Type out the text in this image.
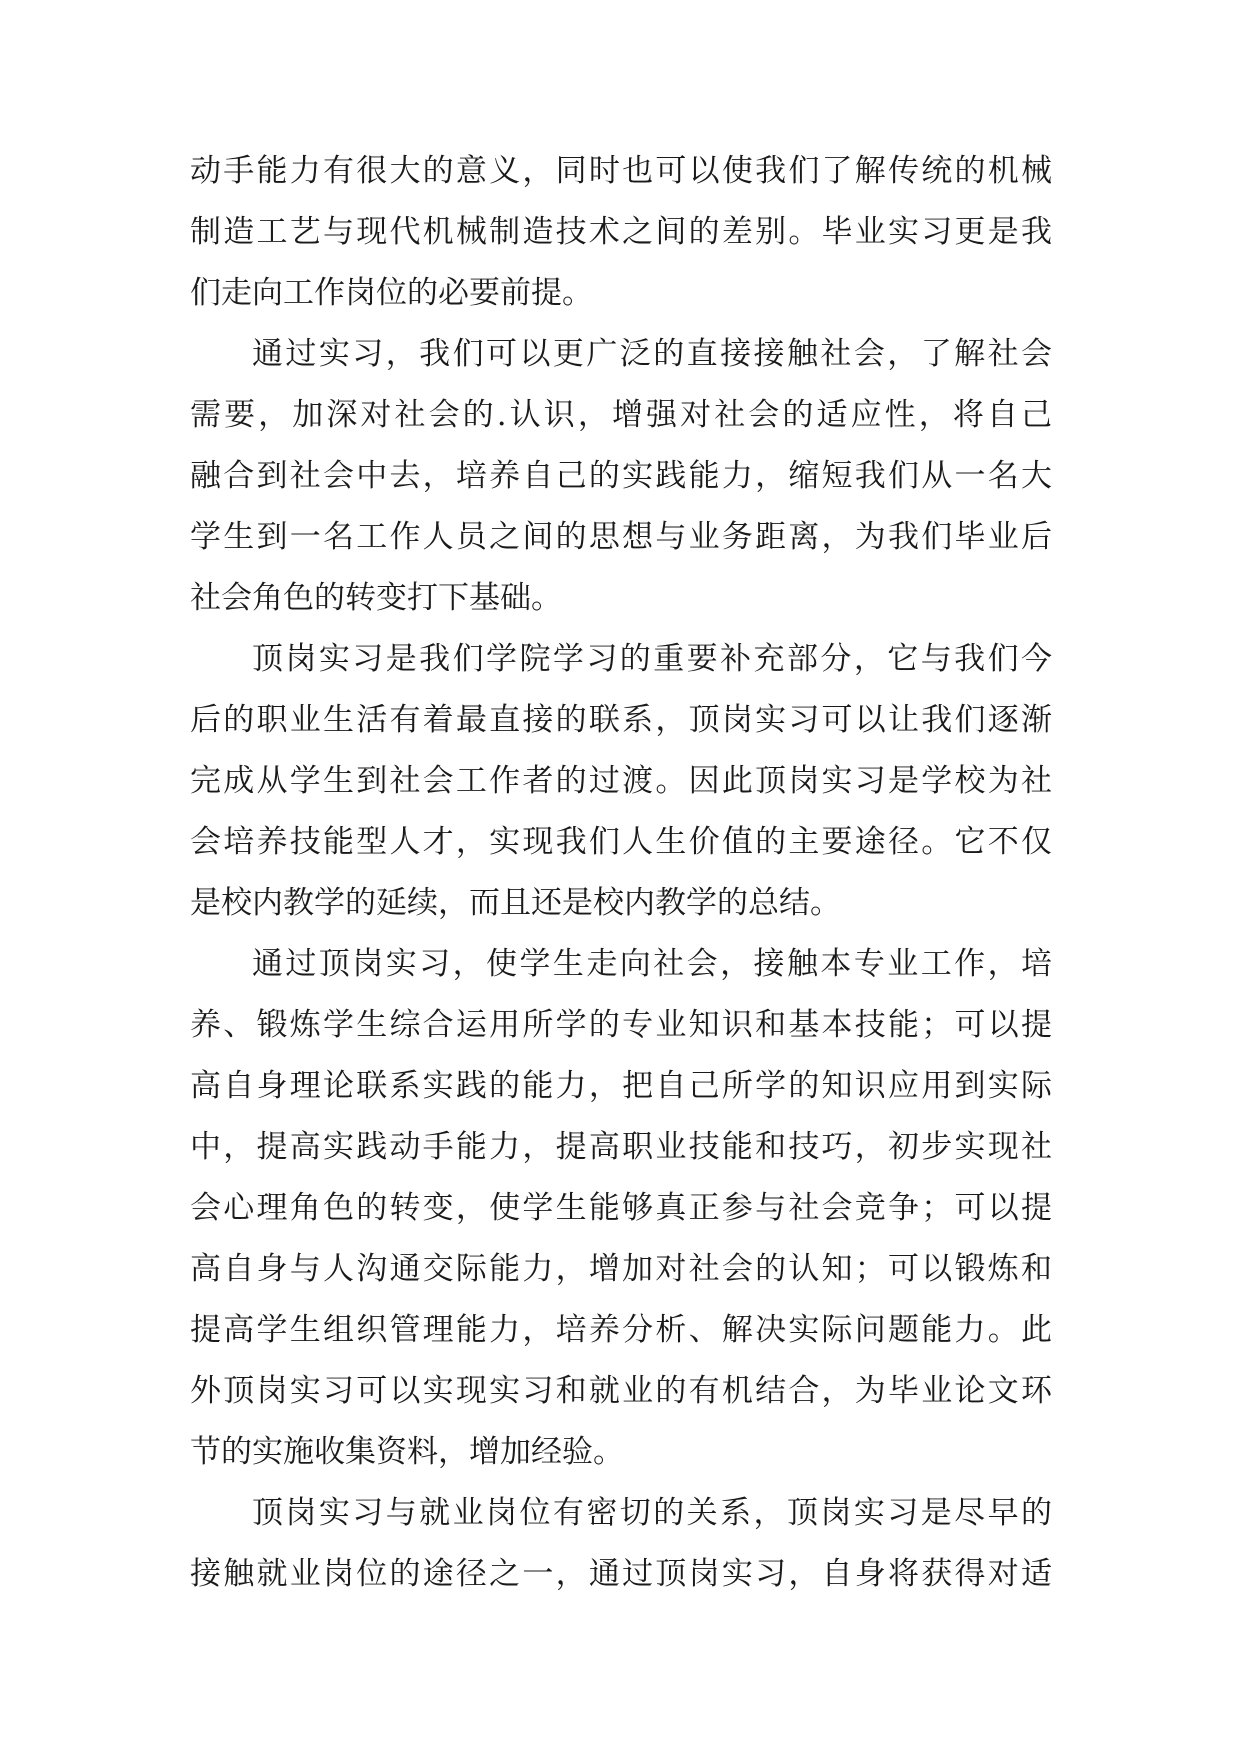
动手能力有很大的意义，同时也可以使我们了解传统的机械
制造工艺与现代机械制造技术之间的差别。毕业实习更是我
们走向工作岗位的必要前提。
通过实习，我们可以更广泛的直接接触社会，了解社会
需要，加深对社会的.认识，增强对社会的适应性，将自己
融合到社会中去，培养自己的实践能力，缩短我们从一名大
学生到一名工作人员之间的思想与业务距离，为我们毕业后
社会角色的转变打下基础。
顶岗实习是我们学院学习的重要补充部分，它与我们今
后的职业生活有着最直接的联系，顶岗实习可以让我们逐渐
完成从学生到社会工作者的过渡。因此顶岗实习是学校为社
会培养技能型人才，实现我们人生价值的主要途径。它不仅
是校内教学的延续，而且还是校内教学的总结。
通过顶岗实习，使学生走向社会，接触本专业工作，培
养、锻炼学生综合运用所学的专业知识和基本技能；可以提
高自身理论联系实践的能力，把自己所学的知识应用到实际
中，提高实践动手能力，提高职业技能和技巧，初步实现社
会心理角色的转变，使学生能够真正参与社会竞争；可以提
高自身与人沟通交际能力，增加对社会的认知；可以锻炼和
提高学生组织管理能力，培养分析、解决实际问题能力。此
外顶岗实习可以实现实习和就业的有机结合，为毕业论文环
节的实施收集资料，增加经验。
顶岗实习与就业岗位有密切的关系，顶岗实习是尽早的
接触就业岗位的途径之一，通过顶岗实习，自身将获得对适
